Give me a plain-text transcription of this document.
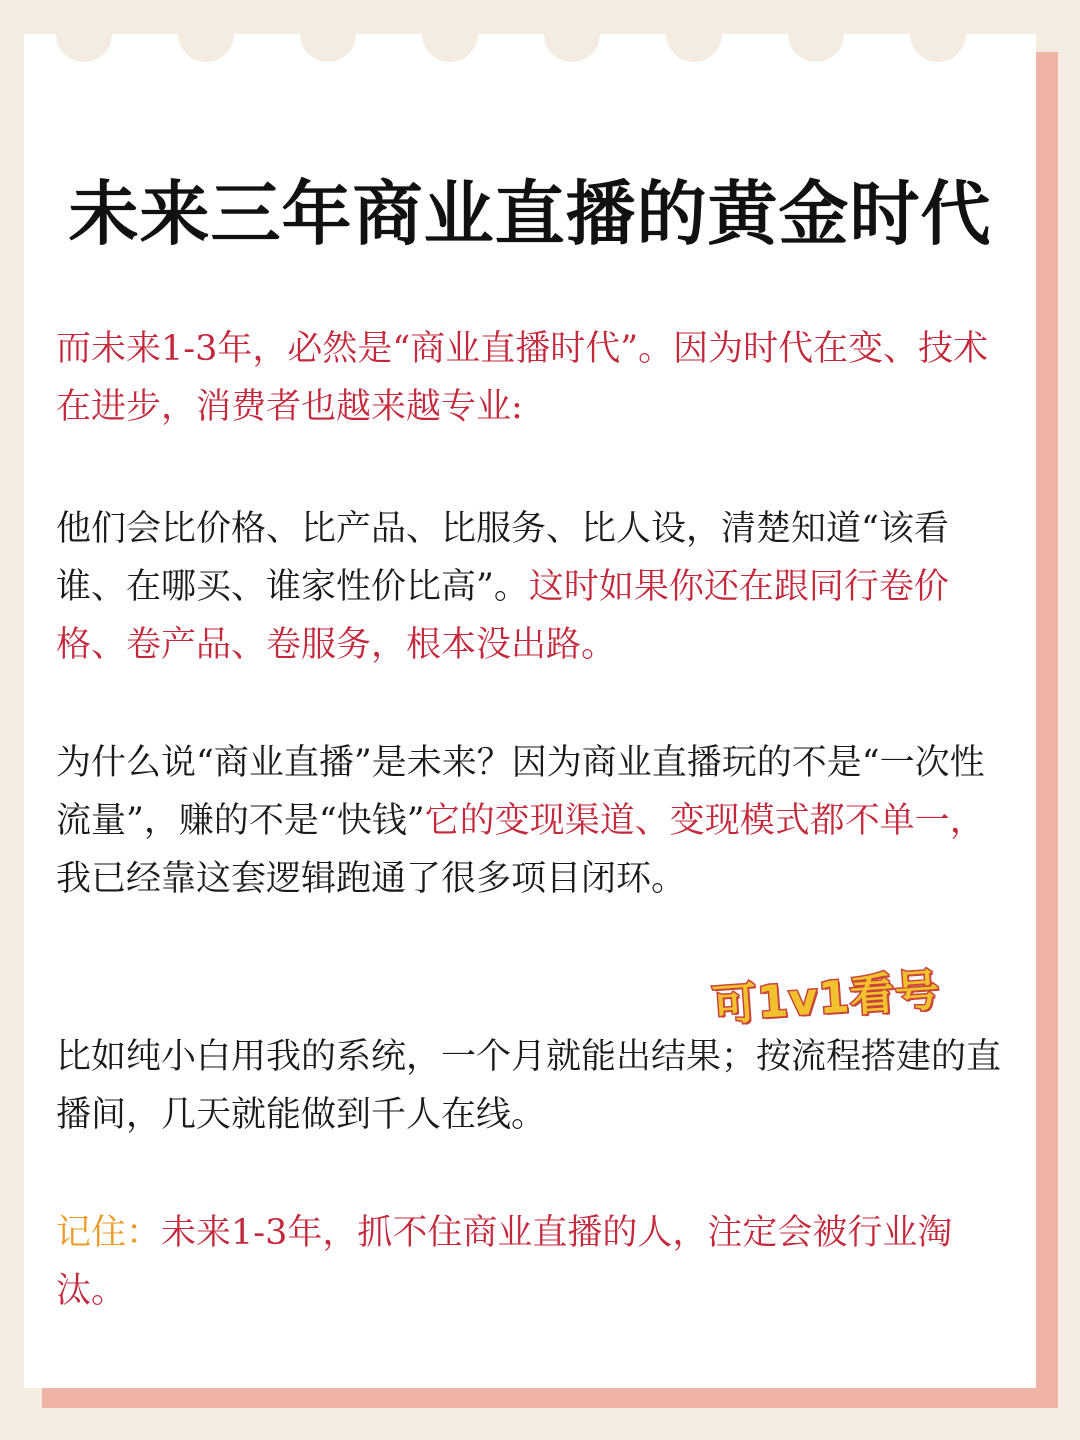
未来三年商业直播的黄金时代

而未来1-3年，必然是“商业直播时代”。因为时代在变、技术在进步，消费者也越来越专业:

他们会比价格、比产品、比服务、比人设，清楚知道“该看谁、在哪买、谁家性价比高”。这时如果你还在跟同行卷价格、卷产品、卷服务，根本没出路。

为什么说“商业直播”是未来？因为商业直播玩的不是“一次性流量”，赚的不是“快钱”它的变现渠道、变现模式都不单一，我已经靠这套逻辑跑通了很多项目闭环。

可1v1看号

比如纯小白用我的系统，一个月就能出结果；按流程搭建的直播间，几天就能做到千人在线。

记住：未来1-3年，抓不住商业直播的人，注定会被行业淘汰。
